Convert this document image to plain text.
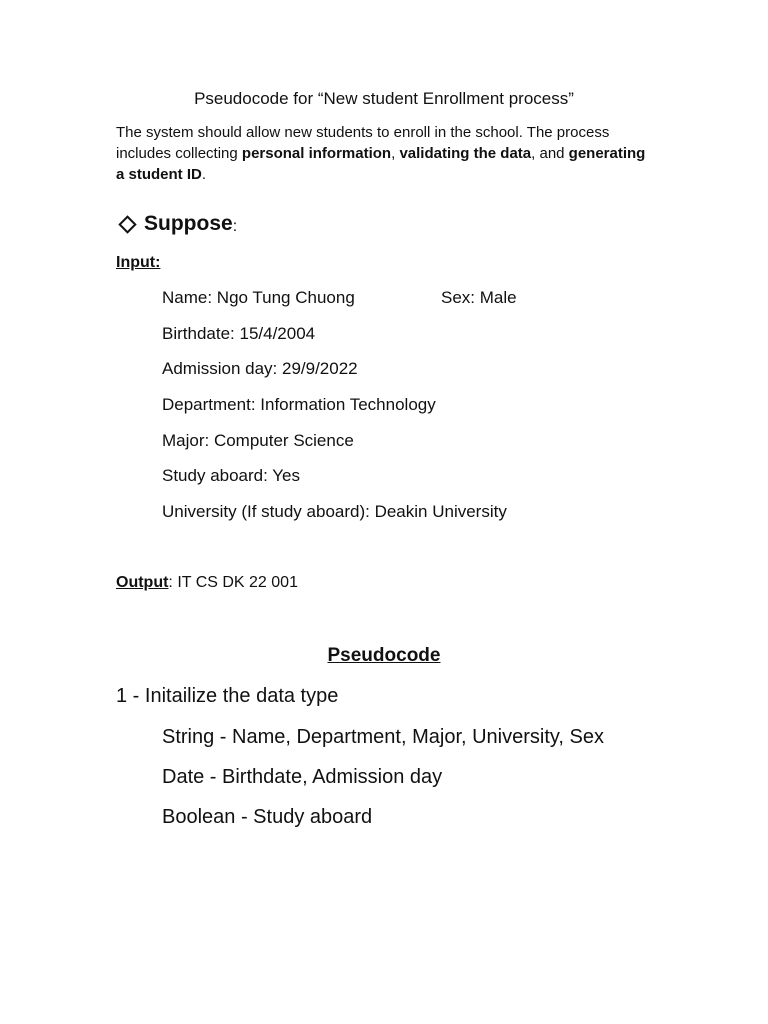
Pseudocode for “New student Enrollment process”
The system should allow new students to enroll in the school. The process includes collecting personal information, validating the data, and generating a student ID.
Suppose :
Input:
Name: Ngo Tung Chuong	Sex: Male
Birthdate: 15/4/2004
Admission day: 29/9/2022
Department: Information Technology
Major: Computer Science
Study aboard: Yes
University (If study aboard): Deakin University
Output: IT CS DK 22 001
Pseudocode
1 - Initailize the data type
String - Name, Department, Major, University, Sex
Date - Birthdate, Admission day
Boolean - Study aboard
